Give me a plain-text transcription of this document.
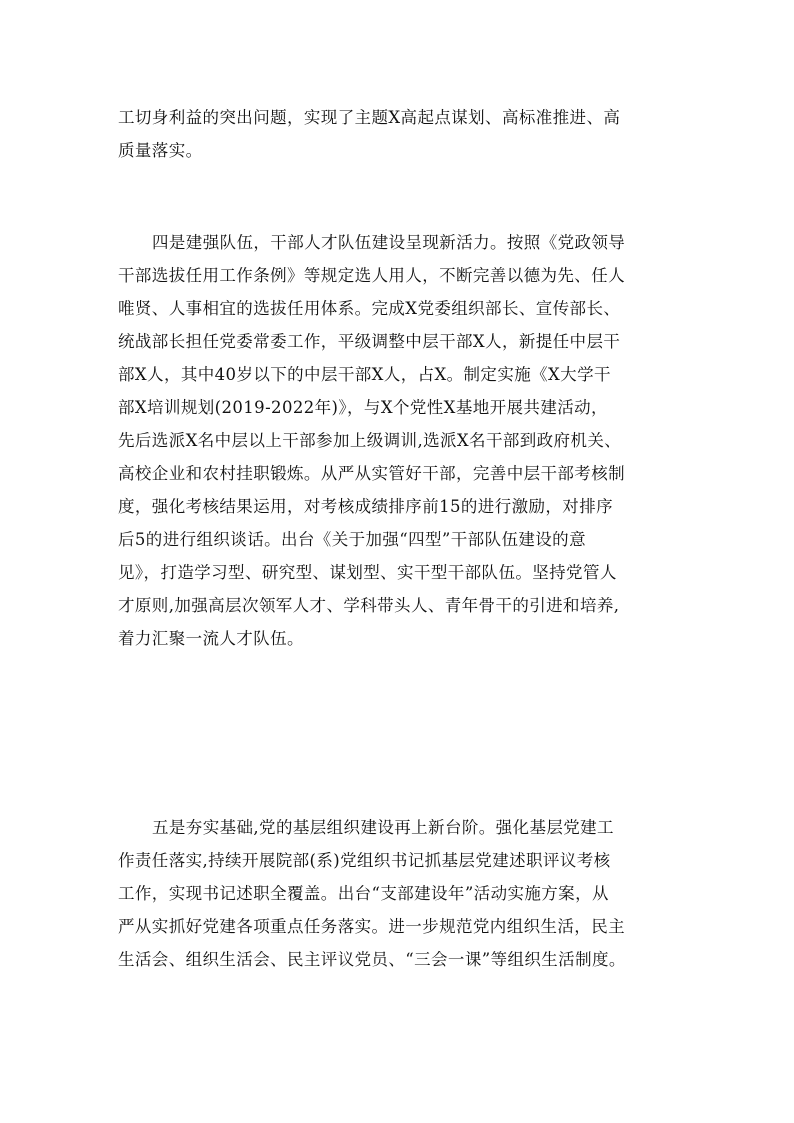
工切身利益的突出问题，实现了主题X高起点谋划、高标准推进、高
质量落实。
四是建强队伍，干部人才队伍建设呈现新活力。按照《党政领导
干部选拔任用工作条例》等规定选人用人，不断完善以德为先、任人
唯贤、人事相宜的选拔任用体系。完成X党委组织部长、宣传部长、
统战部长担任党委常委工作，平级调整中层干部X人，新提任中层干
部X人，其中40岁以下的中层干部X人，占X。制定实施《X大学干
部X培训规划(2019-2022年)》，与X个党性X基地开展共建活动，
先后选派X名中层以上干部参加上级调训,选派X名干部到政府机关、
高校企业和农村挂职锻炼。从严从实管好干部，完善中层干部考核制
度，强化考核结果运用，对考核成绩排序前15的进行激励，对排序
后5的进行组织谈话。出台《关于加强“四型”干部队伍建设的意
见》，打造学习型、研究型、谋划型、实干型干部队伍。坚持党管人
才原则,加强高层次领军人才、学科带头人、青年骨干的引进和培养,
着力汇聚一流人才队伍。
五是夯实基础,党的基层组织建设再上新台阶。强化基层党建工
作责任落实,持续开展院部(系)党组织书记抓基层党建述职评议考核
工作，实现书记述职全覆盖。出台“支部建设年”活动实施方案，从
严从实抓好党建各项重点任务落实。进一步规范党内组织生活，民主
生活会、组织生活会、民主评议党员、“三会一课”等组织生活制度。
